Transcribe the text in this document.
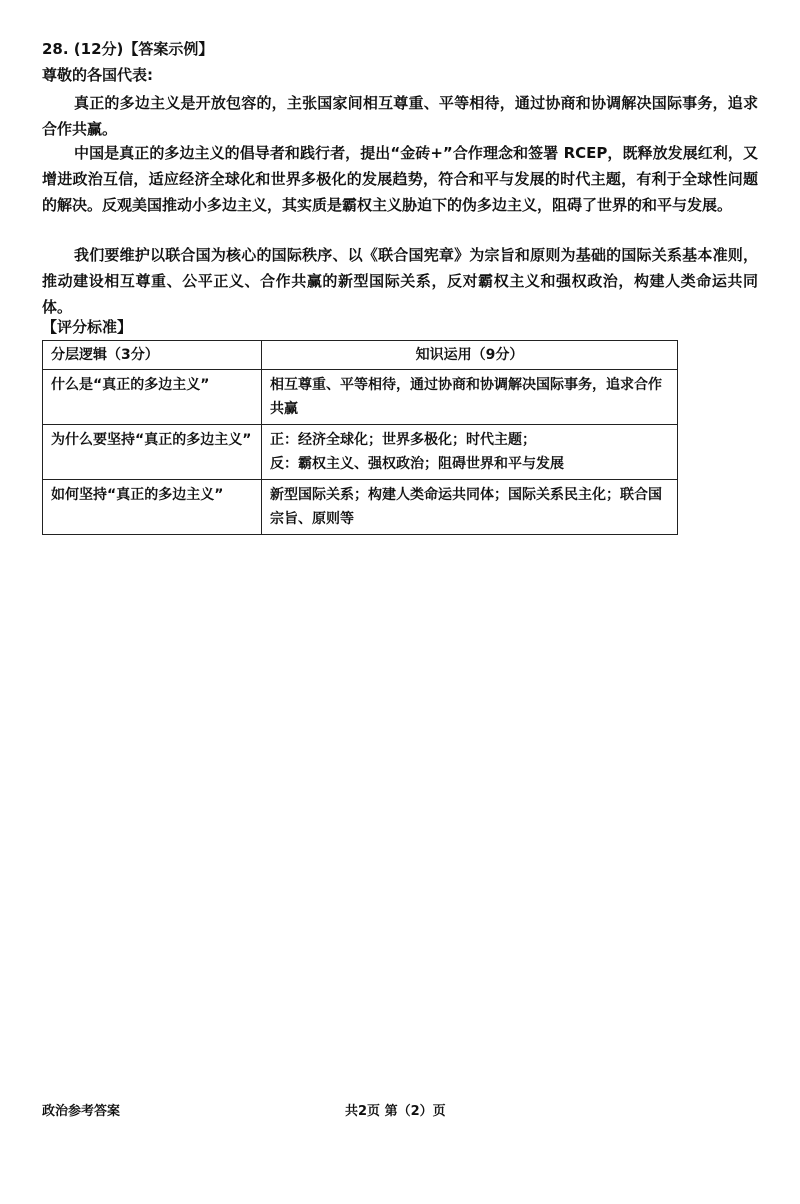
28. (12分)【答案示例】
尊敬的各国代表:

真正的多边主义是开放包容的，主张国家间相互尊重、平等相待，通过协商和协调解决国际事务，追求合作共赢。

中国是真正的多边主义的倡导者和践行者，提出“金砖+”合作理念和签署 RCEP，既释放发展红利，又增进政治互信，适应经济全球化和世界多极化的发展趋势，符合和平与发展的时代主题，有利于全球性问题的解决。反观美国推动小多边主义，其实质是霸权主义胁迫下的伪多边主义，阻碍了世界的和平与发展。

我们要维护以联合国为核心的国际秩序、以《联合国宪章》为宗旨和原则为基础的国际关系基本准则，推动建设相互尊重、公平正义、合作共赢的新型国际关系，反对霸权主义和强权政治，构建人类命运共同体。

【评分标准】
分层逻辑（3分）	知识运用（9分）
什么是“真正的多边主义”	相互尊重、平等相待，通过协商和协调解决国际事务，追求合作共赢

为什么要坚持“真正的多边主义”	正：经济全球化；世界多极化；时代主题；
反：霸权主义、强权政治；阻碍世界和平与发展

如何坚持“真正的多边主义”	新型国际关系；构建人类命运共同体；国际关系民主化；联合国宗旨、原则等
政治参考答案	共2页 第（2）页
